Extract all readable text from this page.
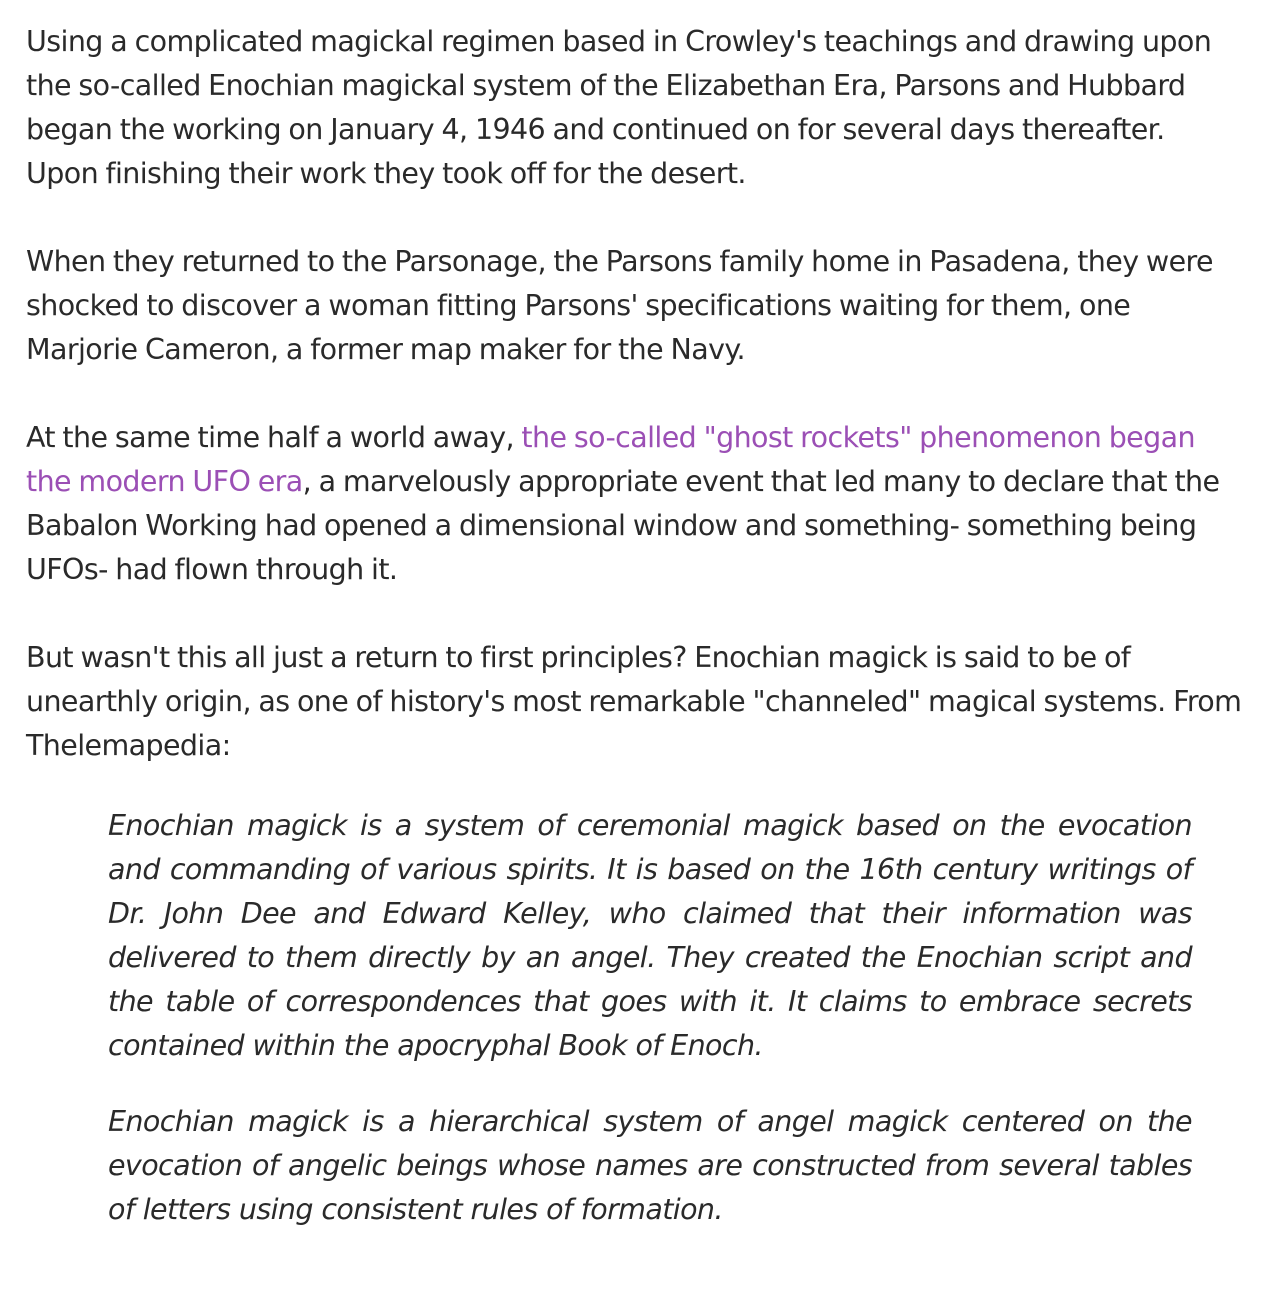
Using a complicated magickal regimen based in Crowley's teachings and drawing upon the so-called Enochian magickal system of the Elizabethan Era, Parsons and Hubbard began the working on January 4, 1946 and continued on for several days thereafter. Upon finishing their work they took off for the desert.

When they returned to the Parsonage, the Parsons family home in Pasadena, they were shocked to discover a woman fitting Parsons' specifications waiting for them, one Marjorie Cameron, a former map maker for the Navy.

At the same time half a world away, the so-called "ghost rockets" phenomenon began the modern UFO era, a marvelously appropriate event that led many to declare that the Babalon Working had opened a dimensional window and something- something being UFOs- had flown through it.

But wasn't this all just a return to first principles? Enochian magick is said to be of unearthly origin, as one of history's most remarkable "channeled" magical systems. From Thelemapedia:

Enochian magick is a system of ceremonial magick based on the evocation and commanding of various spirits. It is based on the 16th century writings of Dr. John Dee and Edward Kelley, who claimed that their information was delivered to them directly by an angel. They created the Enochian script and the table of correspondences that goes with it. It claims to embrace secrets contained within the apocryphal Book of Enoch.

Enochian magick is a hierarchical system of angel magick centered on the evocation of angelic beings whose names are constructed from several tables of letters using consistent rules of formation.
